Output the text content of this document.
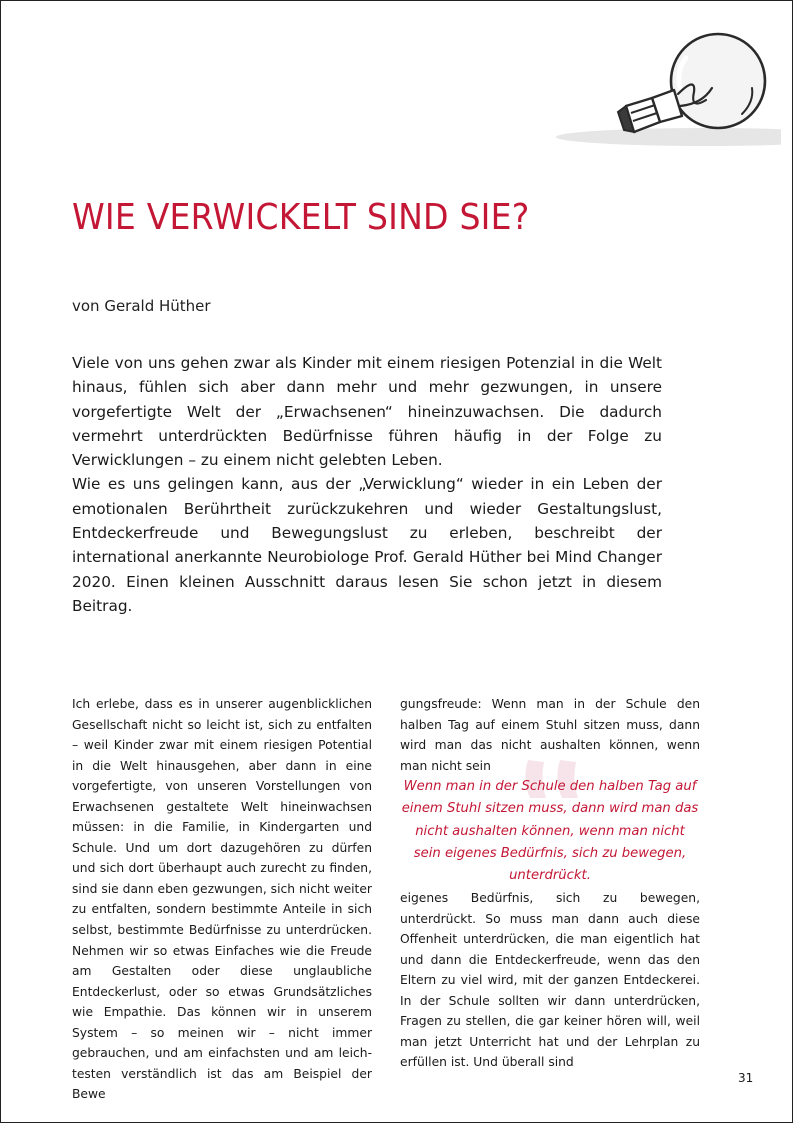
WIE VERWICKELT SIND SIE?
von Gerald Hüther

Viele von uns gehen zwar als Kinder mit einem riesigen Potenzial in die Welt hinaus, fühlen sich aber dann mehr und mehr gezwungen, in unsere vorgefertigte Welt der „Erwachsenen“ hineinzuwachsen. Die dadurch vermehrt unterdrückten Bedürfnisse führen häufig in der Folge zu Verwicklungen – zu einem nicht gelebten Leben.

Wie es uns gelingen kann, aus der „Verwicklung“ wieder in ein Leben der emotionalen Berührtheit zurückzukehren und wieder Gestaltungslust, Entdeckerfreude und Bewegungslust zu erleben, beschreibt der international anerkannte Neurobiologe Prof. Gerald Hüther bei Mind Changer 2020. Einen kleinen Ausschnitt daraus lesen Sie schon jetzt in diesem Beitrag.

Ich erlebe, dass es in unserer augenblicklichen Gesellschaft nicht so leicht ist, sich zu entfalten – weil Kinder zwar mit einem riesigen Potential in die Welt hinausgehen, aber dann in eine vorgefertigte, von unseren Vorstellungen von Erwachsenen gestaltete Welt hineinwachsen müssen: in die Familie, in Kindergarten und Schule. Und um dort dazugehören zu dürfen und sich dort überhaupt auch zurecht zu finden, sind sie dann eben gezwungen, sich nicht weiter zu entfalten, sondern bestimmte Anteile in sich selbst, bestimmte Bedürfnisse zu unterdrücken. Nehmen wir so etwas Einfaches wie die Freude am Gestalten oder diese unglaubliche Entdeckerlust, oder so etwas Grundsätzliches wie Empathie. Das können wir in unserem System – so meinen wir – nicht immer gebrauchen, und am einfachsten und am leichtesten verständlich ist das am Beispiel der Bewe

gungsfreude: Wenn man in der Schule den halben Tag auf einem Stuhl sitzen muss, dann wird man das nicht aushalten können, wenn man nicht sein

Wenn man in der Schule den halben Tag auf einem Stuhl sitzen muss, dann wird man das nicht aushalten können, wenn man nicht sein eigenes Bedürfnis, sich zu bewegen, unterdrückt.

eigenes Bedürfnis, sich zu bewegen, unterdrückt. So muss man dann auch diese Offenheit unterdrücken, die man eigentlich hat und dann die Entdeckerfreude, wenn das den Eltern zu viel wird, mit der ganzen Entdeckerei. In der Schule sollten wir dann unterdrücken, Fragen zu stellen, die gar keiner hören will, weil man jetzt Unterricht hat und der Lehrplan zu erfüllen ist. Und überall sind

31
